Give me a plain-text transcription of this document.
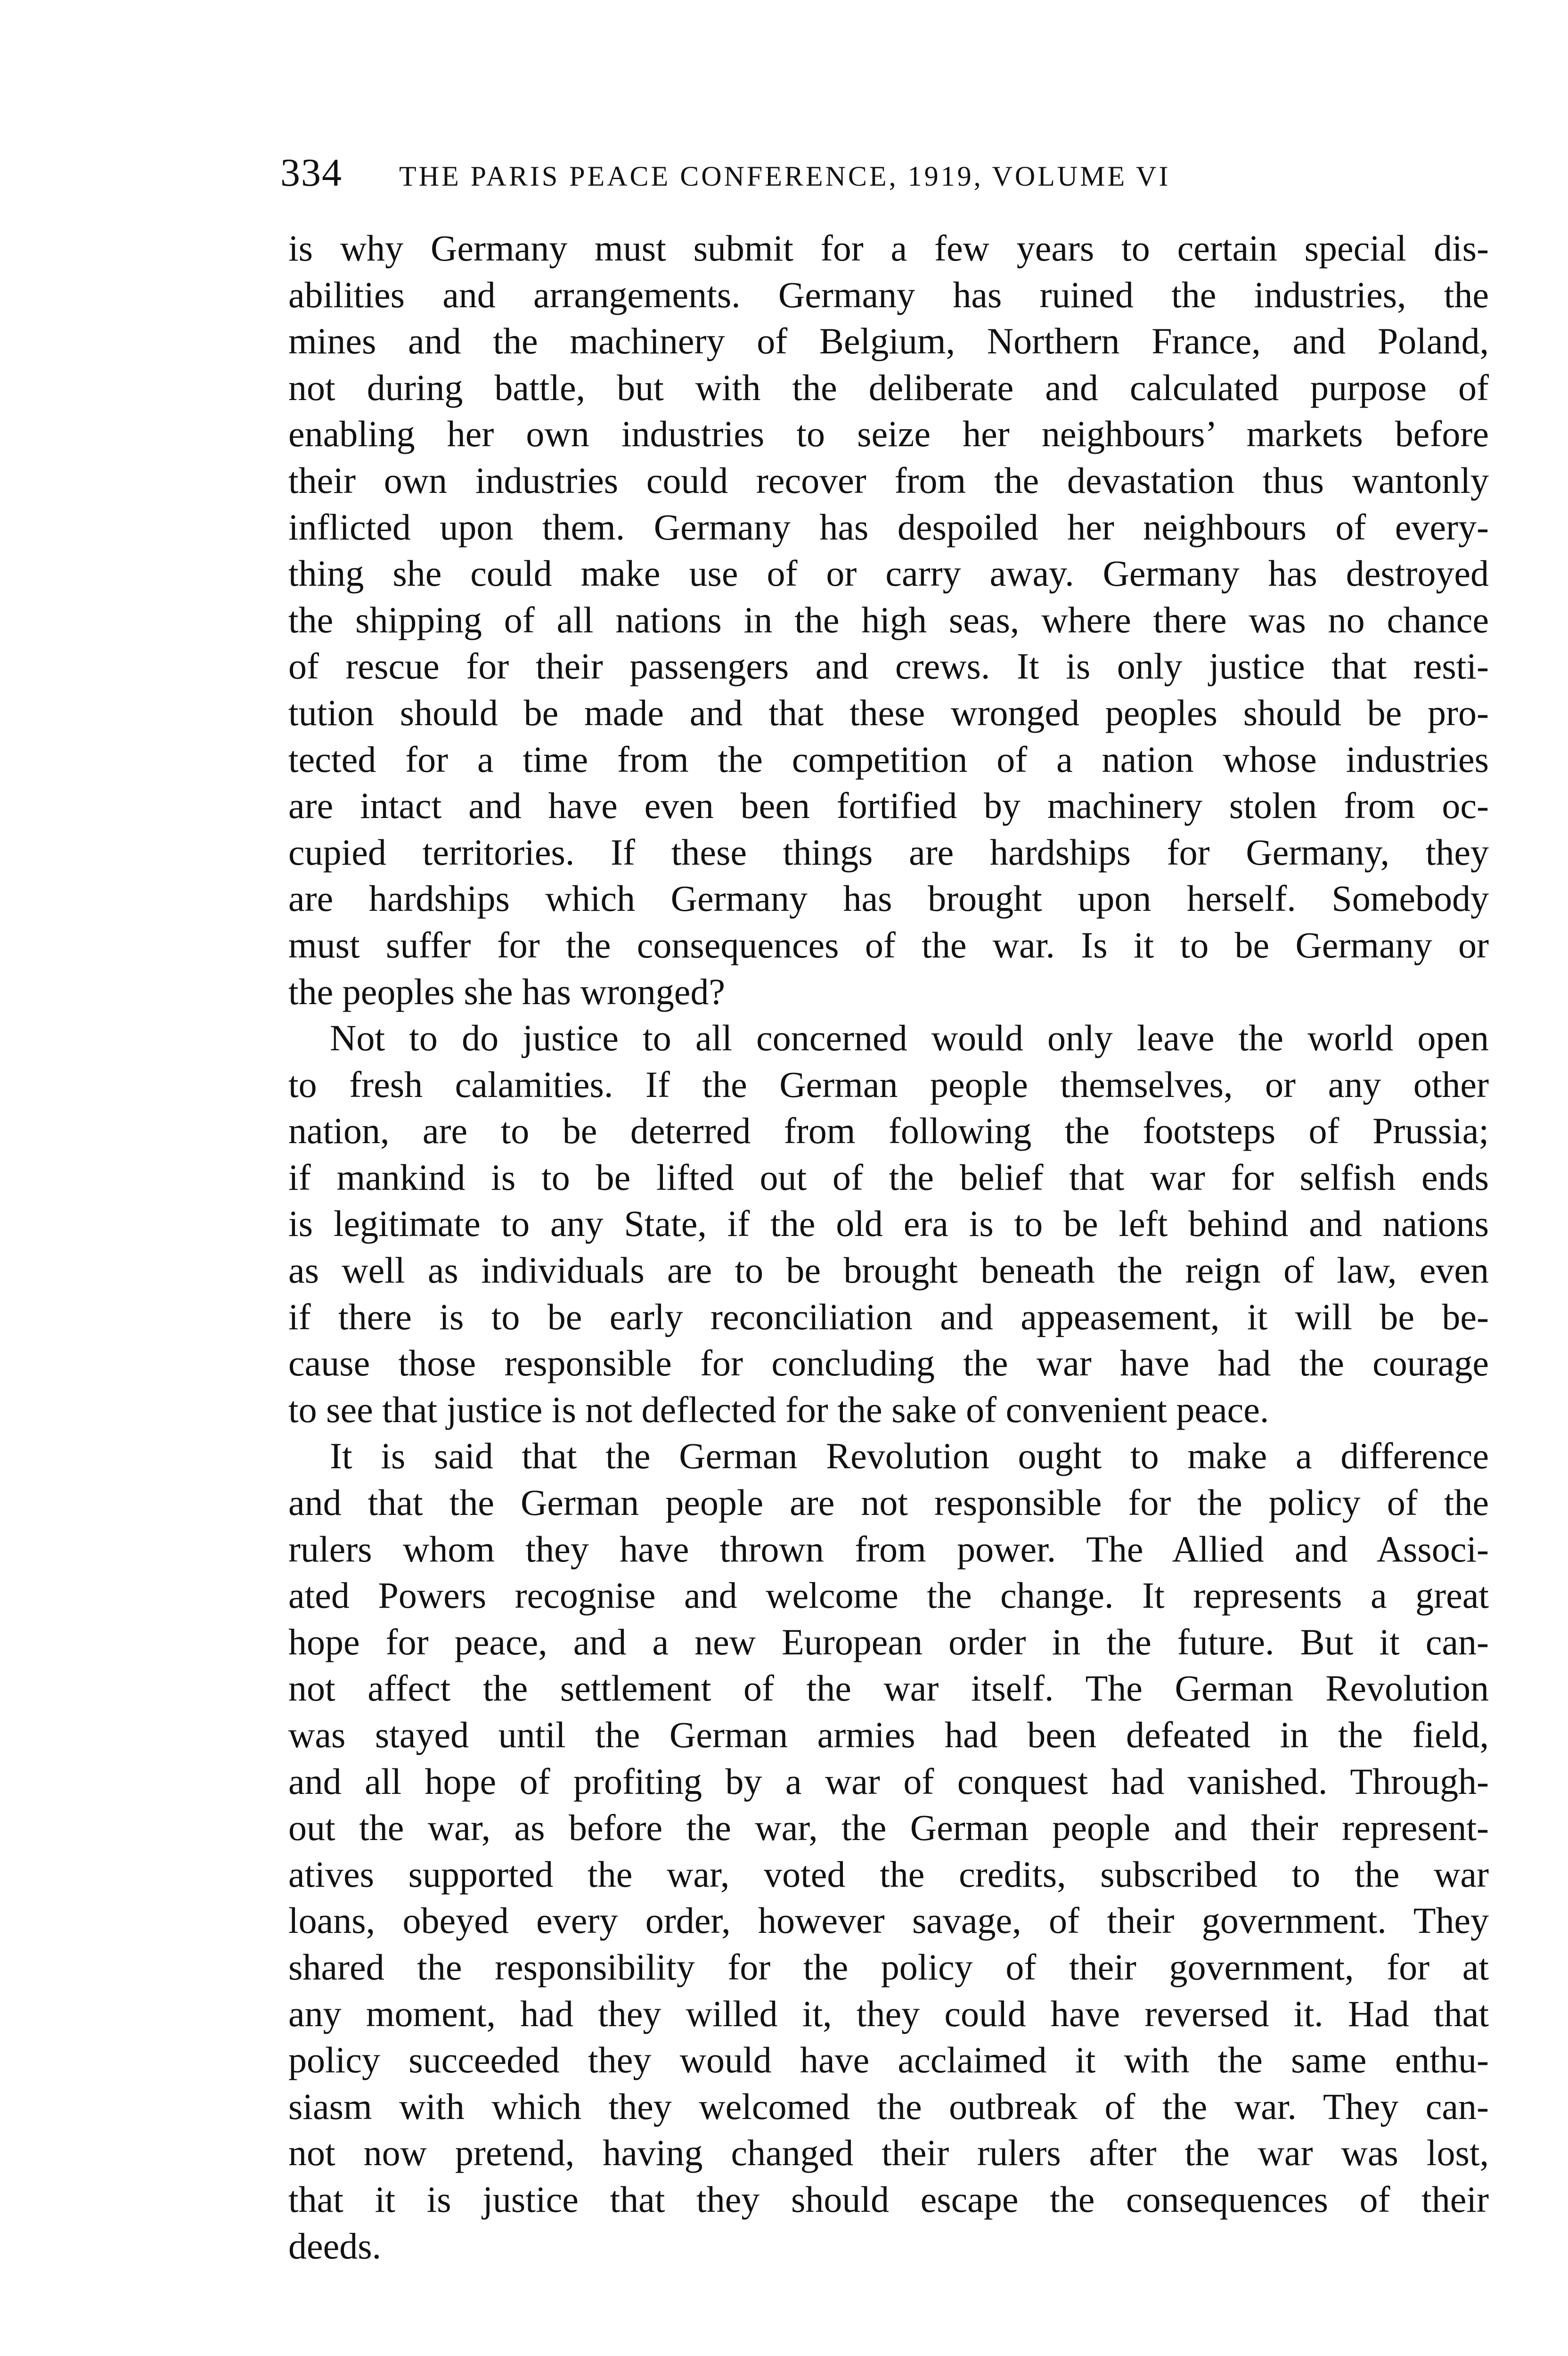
334 THE PARIS PEACE CONFERENCE, 1919, VOLUME VI
is why Germany must submit for a few years to certain special dis-
abilities and arrangements. Germany has ruined the industries, the
mines and the machinery of Belgium, Northern France, and Poland,
not during battle, but with the deliberate and calculated purpose of
enabling her own industries to seize her neighbours’ markets before
their own industries could recover from the devastation thus wantonly
inflicted upon them. Germany has despoiled her neighbours of every-
thing she could make use of or carry away. Germany has destroyed
the shipping of all nations in the high seas, where there was no chance
of rescue for their passengers and crews. It is only justice that resti-
tution should be made and that these wronged peoples should be pro-
tected for a time from the competition of a nation whose industries
are intact and have even been fortified by machinery stolen from oc-
cupied territories. If these things are hardships for Germany, they
are hardships which Germany has brought upon herself. Somebody
must suffer for the consequences of the war. Is it to be Germany or
the peoples she has wronged?
Not to do justice to all concerned would only leave the world open
to fresh calamities. If the German people themselves, or any other
nation, are to be deterred from following the footsteps of Prussia;
if mankind is to be lifted out of the belief that war for selfish ends
is legitimate to any State, if the old era is to be left behind and nations
as well as individuals are to be brought beneath the reign of law, even
if there is to be early reconciliation and appeasement, it will be be-
cause those responsible for concluding the war have had the courage
to see that justice is not deflected for the sake of convenient peace.
It is said that the German Revolution ought to make a difference
and that the German people are not responsible for the policy of the
rulers whom they have thrown from power. The Allied and Associ-
ated Powers recognise and welcome the change. It represents a great
hope for peace, and a new European order in the future. But it can-
not affect the settlement of the war itself. The German Revolution
was stayed until the German armies had been defeated in the field,
and all hope of profiting by a war of conquest had vanished. Through-
out the war, as before the war, the German people and their represent-
atives supported the war, voted the credits, subscribed to the war
loans, obeyed every order, however savage, of their government. They
shared the responsibility for the policy of their government, for at
any moment, had they willed it, they could have reversed it. Had that
policy succeeded they would have acclaimed it with the same enthu-
siasm with which they welcomed the outbreak of the war. They can-
not now pretend, having changed their rulers after the war was lost,
that it is justice that they should escape the consequences of their
deeds.
